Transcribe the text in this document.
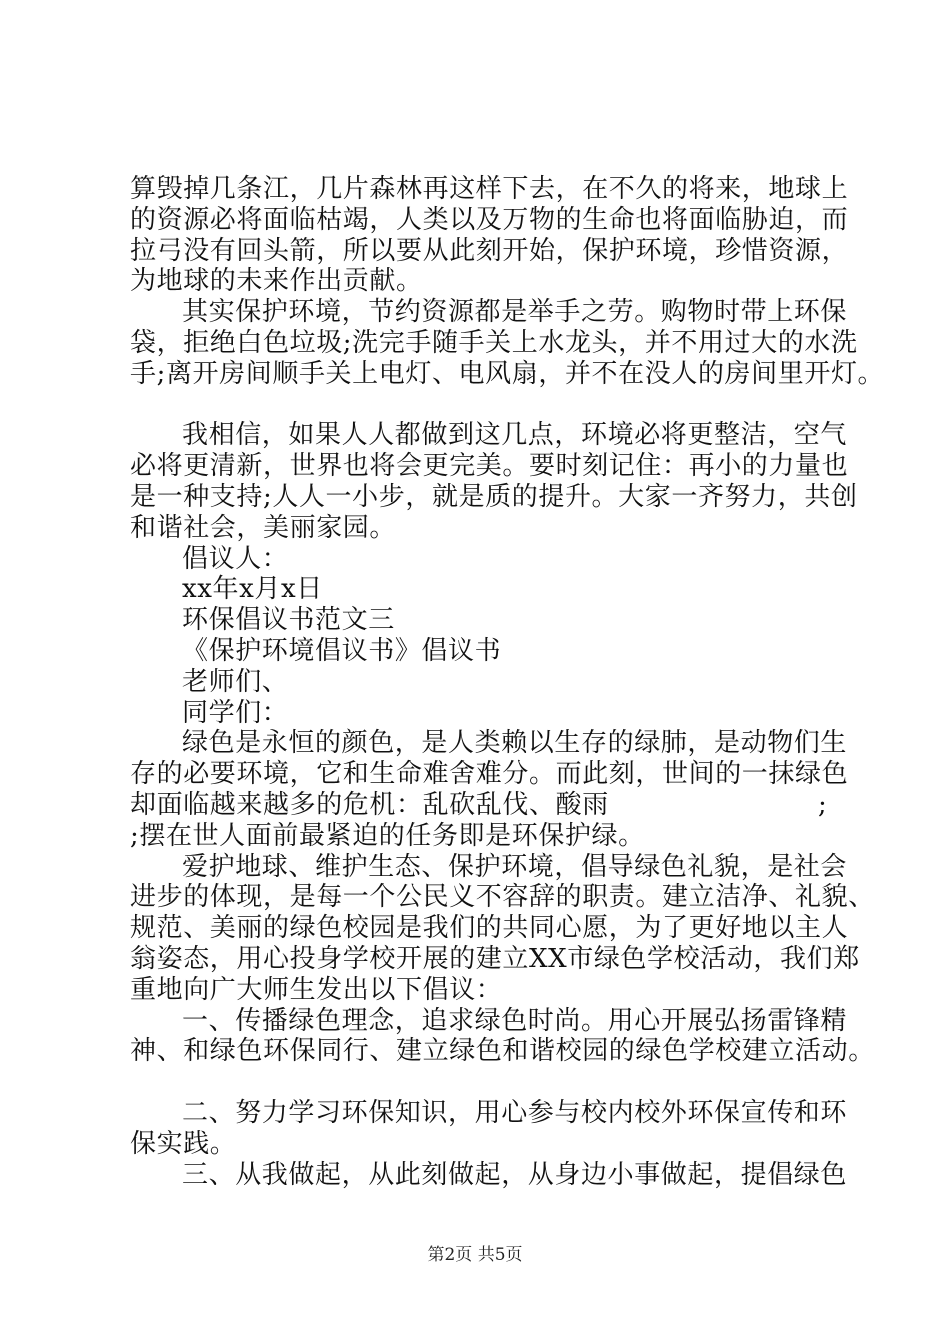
算毁掉几条江，几片森林再这样下去，在不久的将来，地球上
的资源必将面临枯竭，人类以及万物的生命也将面临胁迫，而
拉弓没有回头箭，所以要从此刻开始，保护环境，珍惜资源，
为地球的未来作出贡献。
其实保护环境，节约资源都是举手之劳。购物时带上环保
袋，拒绝白色垃圾;洗完手随手关上水龙头，并不用过大的水洗
手;离开房间顺手关上电灯、电风扇，并不在没人的房间里开灯。
我相信，如果人人都做到这几点，环境必将更整洁，空气
必将更清新，世界也将会更完美。要时刻记住：再小的力量也
是一种支持;人人一小步，就是质的提升。大家一齐努力，共创
和谐社会，美丽家园。
倡议人：
xx年x月x日
环保倡议书范文三
《保护环境倡议书》倡议书
老师们、
同学们：
绿色是永恒的颜色，是人类赖以生存的绿肺，是动物们生
存的必要环境，它和生命难舍难分。而此刻，世间的一抹绿色
却面临越来越多的危机：乱砍乱伐、酸雨	;
;摆在世人面前最紧迫的任务即是环保护绿。
爱护地球、维护生态、保护环境，倡导绿色礼貌，是社会
进步的体现，是每一个公民义不容辞的职责。建立洁净、礼貌、
规范、美丽的绿色校园是我们的共同心愿，为了更好地以主人
翁姿态，用心投身学校开展的建立XX市绿色学校活动，我们郑
重地向广大师生发出以下倡议：
一、传播绿色理念，追求绿色时尚。用心开展弘扬雷锋精
神、和绿色环保同行、建立绿色和谐校园的绿色学校建立活动。
二、努力学习环保知识，用心参与校内校外环保宣传和环
保实践。
三、从我做起，从此刻做起，从身边小事做起，提倡绿色
第2页 共5页
